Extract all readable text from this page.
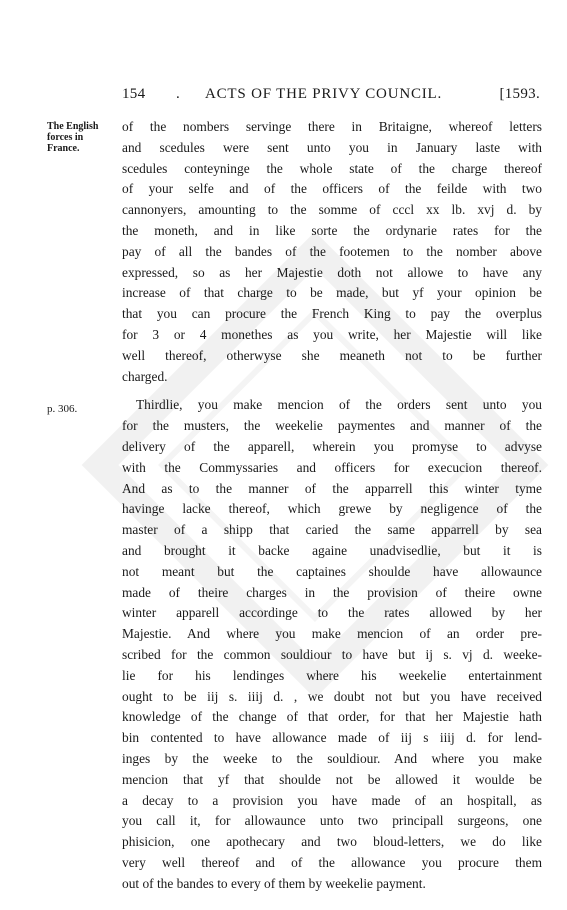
154 . ACTS OF THE PRIVY COUNCIL.	[1593.
The English
forces in
France.
p. 306.

of the nombers servinge there in Britaigne, whereof letters
and scedules were sent unto you in January laste with
scedules conteyninge the whole state of the charge thereof
of your selfe and of the officers of the feilde with two
cannonyers, amounting to the somme of cccl xx lb. xvj d. by
the moneth, and in like sorte the ordynarie rates for the
pay of all the bandes of the footemen to the nomber above
expressed, so as her Majestie doth not allowe to have any
increase of that charge to be made, but yf your opinion be
that you can procure the French King to pay the overplus
for 3 or 4 monethes as you write, her Majestie will like
well thereof, otherwyse she meaneth not to be further
charged.

Thirdlie, you make mencion of the orders sent unto you
for the musters, the weekelie paymentes and manner of the
delivery of the apparell, wherein you promyse to advyse
with the Commyssaries and officers for execucion thereof.
And as to the manner of the apparrell this winter tyme
havinge lacke thereof, which grewe by negligence of the
master of a shipp that caried the same apparrell by sea
and brought it backe againe unadvisedlie, but it is
not meant but the captaines shoulde have allowaunce
made of theire charges in the provision of theire owne
winter apparell accordinge to the rates allowed by her
Majestie. And where you make mencion of an order pre-
scribed for the common souldiour to have but ij s. vj d. weeke-
lie for his lendinges where his weekelie entertainment
ought to be iij s. iiij d. , we doubt not but you have received
knowledge of the change of that order, for that her Majestie hath
bin contented to have allowance made of iij s iiij d. for lend-
inges by the weeke to the souldiour. And where you make
mencion that yf that shoulde not be allowed it woulde be
a decay to a provision you have made of an hospitall, as
you call it, for allowaunce unto two principall surgeons, one
phisicion, one apothecary and two bloud-letters, we do like
very well thereof and of the allowance you procure them
out of the bandes to every of them by weekelie payment.
